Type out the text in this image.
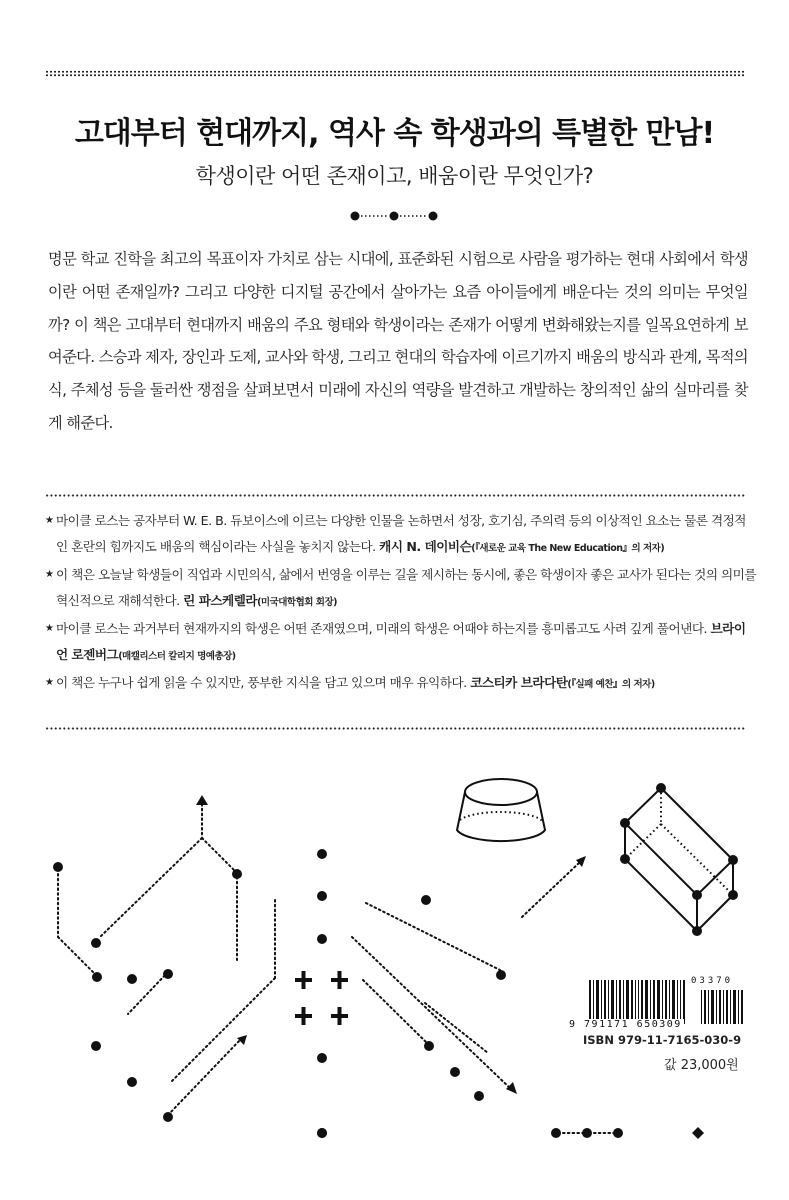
고대부터 현대까지, 역사 속 학생과의 특별한 만남!
학생이란 어떤 존재이고, 배움이란 무엇인가?
명문 학교 진학을 최고의 목표이자 가치로 삼는 시대에, 표준화된 시험으로 사람을 평가하는 현대 사회에서 학생이란 어떤 존재일까? 그리고 다양한 디지털 공간에서 살아가는 요즘 아이들에게 배운다는 것의 의미는 무엇일까? 이 책은 고대부터 현대까지 배움의 주요 형태와 학생이라는 존재가 어떻게 변화해왔는지를 일목요연하게 보여준다. 스승과 제자, 장인과 도제, 교사와 학생, 그리고 현대의 학습자에 이르기까지 배움의 방식과 관계, 목적의식, 주체성 등을 둘러싼 쟁점을 살펴보면서 미래에 자신의 역량을 발견하고 개발하는 창의적인 삶의 실마리를 찾게 해준다.
★ 마이클 로스는 공자부터 W. E. B. 듀보이스에 이르는 다양한 인물을 논하면서 성장, 호기심, 주의력 등의 이상적인 요소는 물론 격정적인 혼란의 힘까지도 배움의 핵심이라는 사실을 놓치지 않는다. 캐시 N. 데이비슨(『새로운 교육 The New Education』의 저자)
★ 이 책은 오늘날 학생들이 직업과 시민의식, 삶에서 번영을 이루는 길을 제시하는 동시에, 좋은 학생이자 좋은 교사가 된다는 것의 의미를 혁신적으로 재해석한다. 린 파스케렐라(미국대학협회 회장)
★ 마이클 로스는 과거부터 현재까지의 학생은 어떤 존재였으며, 미래의 학생은 어때야 하는지를 흥미롭고도 사려 깊게 풀어낸다. 브라이언 로젠버그(매캘리스터 칼리지 명예총장)
★ 이 책은 누구나 쉽게 읽을 수 있지만, 풍부한 지식을 담고 있으며 매우 유익하다. 코스티카 브라다탄(『실패 예찬』의 저자)
03370
9 791171 650309
ISBN 979-11-7165-030-9
값 23,000원
